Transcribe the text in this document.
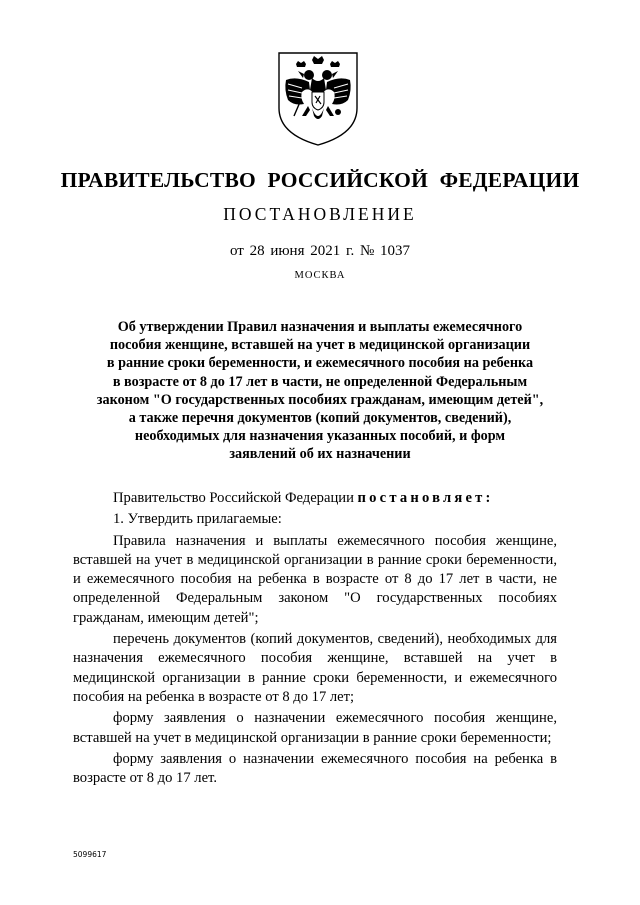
ПРАВИТЕЛЬСТВО РОССИЙСКОЙ ФЕДЕРАЦИИ
ПОСТАНОВЛЕНИЕ
от 28 июня 2021 г. № 1037
МОСКВА
Об утверждении Правил назначения и выплаты ежемесячного
пособия женщине, вставшей на учет в медицинской организации
в ранние сроки беременности, и ежемесячного пособия на ребенка
в возрасте от 8 до 17 лет в части, не определенной Федеральным
законом "О государственных пособиях гражданам, имеющим детей",
а также перечня документов (копий документов, сведений),
необходимых для назначения указанных пособий, и форм
заявлений об их назначении

Правительство Российской Федерации постановляет:

1. Утвердить прилагаемые:

Правила назначения и выплаты ежемесячного пособия женщине, вставшей на учет в медицинской организации в ранние сроки беременности, и ежемесячного пособия на ребенка в возрасте от 8 до 17 лет в части, не определенной Федеральным законом "О государственных пособиях гражданам, имеющим детей";

перечень документов (копий документов, сведений), необходимых для назначения ежемесячного пособия женщине, вставшей на учет в медицинской организации в ранние сроки беременности, и ежемесячного пособия на ребенка в возрасте от 8 до 17 лет;

форму заявления о назначении ежемесячного пособия женщине, вставшей на учет в медицинской организации в ранние сроки беременности;

форму заявления о назначении ежемесячного пособия на ребенка в возрасте от 8 до 17 лет.

5099617
